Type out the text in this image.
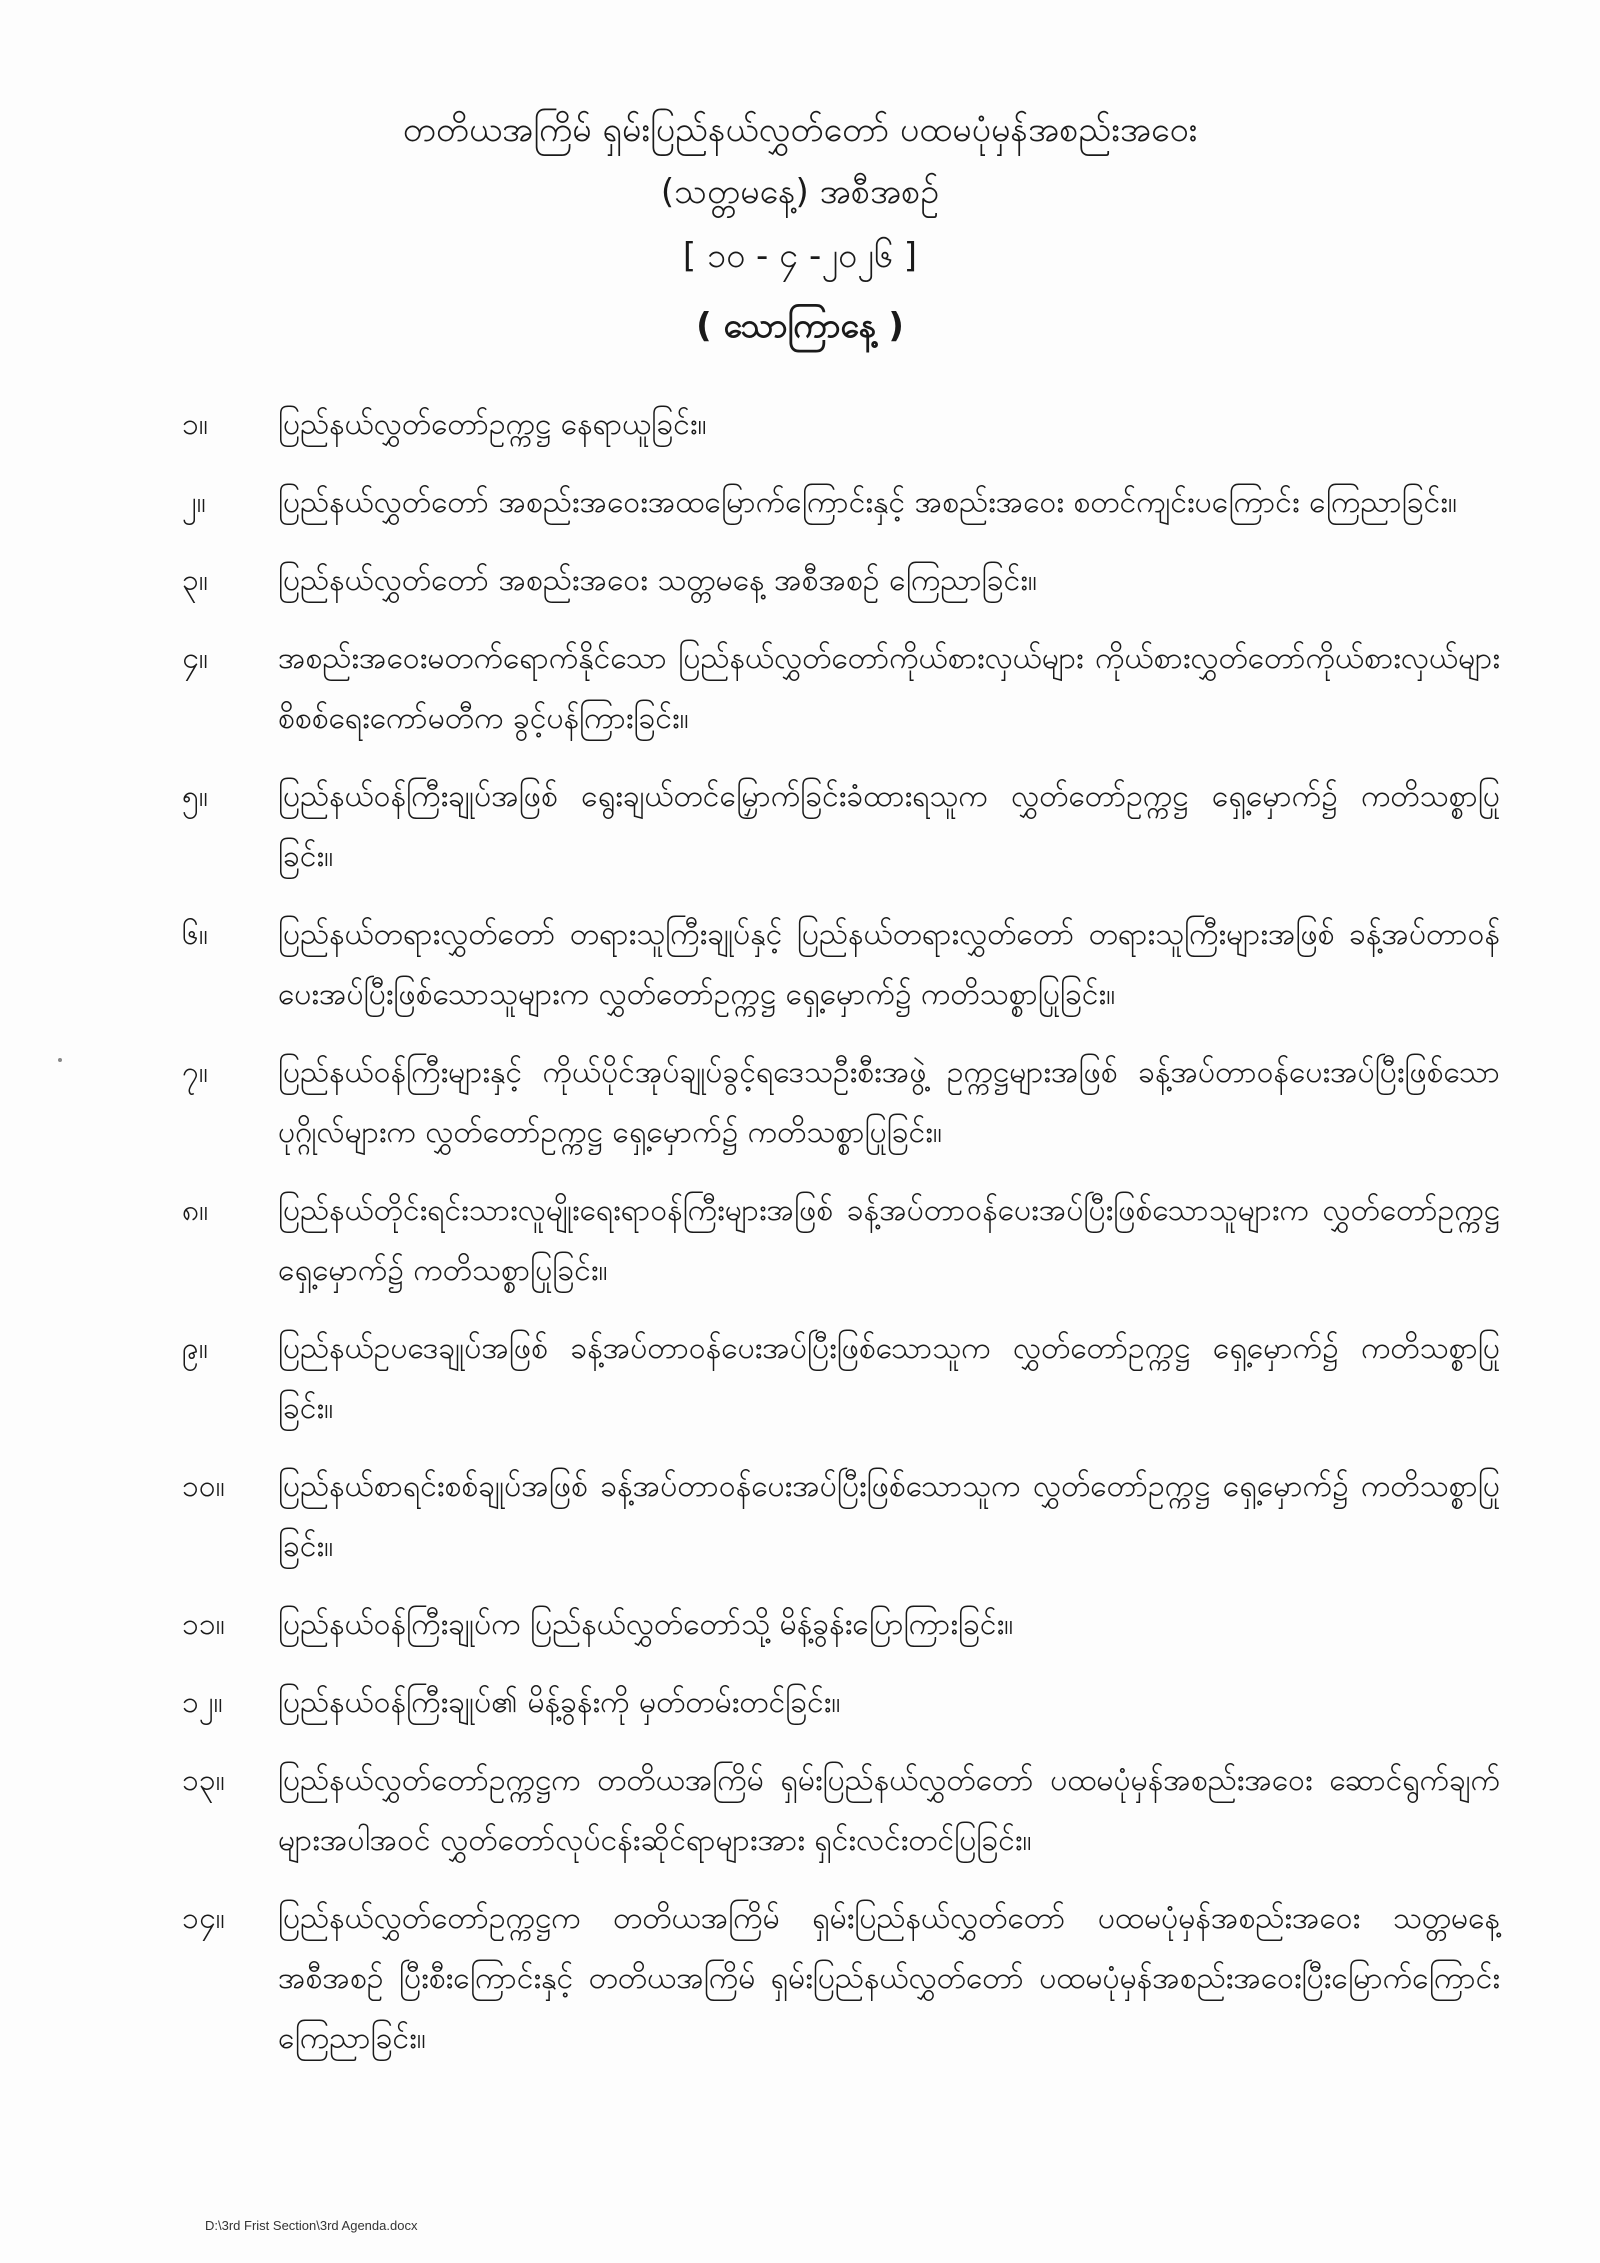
တတိယအကြိမ် ရှမ်းပြည်နယ်လွှတ်တော် ပထမပုံမှန်အစည်းအဝေး
(သတ္တမနေ့) အစီအစဉ်
[ ၁၀ - ၄ -၂၀၂၆ ]
( သောကြာနေ့ )
၁။	ပြည်နယ်လွှတ်တော်ဥက္ကဋ္ဌ နေရာယူခြင်း။
၂။	ပြည်နယ်လွှတ်တော် အစည်းအဝေးအထမြောက်ကြောင်းနှင့် အစည်းအဝေး စတင်ကျင်းပကြောင်း ကြေညာခြင်း။
၃။	ပြည်နယ်လွှတ်တော် အစည်းအဝေး သတ္တမနေ့ အစီအစဉ် ကြေညာခြင်း။
၄။	အစည်းအဝေးမတက်ရောက်နိုင်သော ပြည်နယ်လွှတ်တော်ကိုယ်စားလှယ်များ ကိုယ်စားလွှတ်တော်ကိုယ်စားလှယ်များစိစစ်ရေးကော်မတီက ခွင့်ပန်ကြားခြင်း။
၅။	ပြည်နယ်ဝန်ကြီးချုပ်အဖြစ် ရွေးချယ်တင်မြှောက်ခြင်းခံထားရသူက လွှတ်တော်ဥက္ကဋ္ဌ ရှေ့မှောက်၌ ကတိသစ္စာပြုခြင်း။
၆။	ပြည်နယ်တရားလွှတ်တော် တရားသူကြီးချုပ်နှင့် ပြည်နယ်တရားလွှတ်တော် တရားသူကြီးများအဖြစ် ခန့်အပ်တာဝန်ပေးအပ်ပြီးဖြစ်သောသူများက လွှတ်တော်ဥက္ကဋ္ဌ ရှေ့မှောက်၌ ကတိသစ္စာပြုခြင်း။
၇။	ပြည်နယ်ဝန်ကြီးများနှင့် ကိုယ်ပိုင်အုပ်ချုပ်ခွင့်ရဒေသဦးစီးအဖွဲ့ ဥက္ကဋ္ဌများအဖြစ် ခန့်အပ်တာဝန်ပေးအပ်ပြီးဖြစ်သော ပုဂ္ဂိုလ်များက လွှတ်တော်ဥက္ကဋ္ဌ ရှေ့မှောက်၌ ကတိသစ္စာပြုခြင်း။
၈။	ပြည်နယ်တိုင်းရင်းသားလူမျိုးရေးရာဝန်ကြီးများအဖြစ် ခန့်အပ်တာဝန်ပေးအပ်ပြီးဖြစ်သောသူများက လွှတ်တော်ဥက္ကဋ္ဌ ရှေ့မှောက်၌ ကတိသစ္စာပြုခြင်း။
၉။	ပြည်နယ်ဥပဒေချုပ်အဖြစ် ခန့်အပ်တာဝန်ပေးအပ်ပြီးဖြစ်သောသူက လွှတ်တော်ဥက္ကဋ္ဌ ရှေ့မှောက်၌ ကတိသစ္စာပြုခြင်း။
၁၀။	ပြည်နယ်စာရင်းစစ်ချုပ်အဖြစ် ခန့်အပ်တာဝန်ပေးအပ်ပြီးဖြစ်သောသူက လွှတ်တော်ဥက္ကဋ္ဌ ရှေ့မှောက်၌ ကတိသစ္စာပြုခြင်း။
၁၁။	ပြည်နယ်ဝန်ကြီးချုပ်က ပြည်နယ်လွှတ်တော်သို့ မိန့်ခွန်းပြောကြားခြင်း။
၁၂။	ပြည်နယ်ဝန်ကြီးချုပ်၏ မိန့်ခွန်းကို မှတ်တမ်းတင်ခြင်း။
၁၃။	ပြည်နယ်လွှတ်တော်ဥက္ကဋ္ဌက တတိယအကြိမ် ရှမ်းပြည်နယ်လွှတ်တော် ပထမပုံမှန်အစည်းအဝေး ဆောင်ရွက်ချက်များအပါအဝင် လွှတ်တော်လုပ်ငန်းဆိုင်ရာများအား ရှင်းလင်းတင်ပြခြင်း။
၁၄။	ပြည်နယ်လွှတ်တော်ဥက္ကဋ္ဌက တတိယအကြိမ် ရှမ်းပြည်နယ်လွှတ်တော် ပထမပုံမှန်အစည်းအဝေး သတ္တမနေ့ အစီအစဉ် ပြီးစီးကြောင်းနှင့် တတိယအကြိမ် ရှမ်းပြည်နယ်လွှတ်တော် ပထမပုံမှန်အစည်းအဝေးပြီးမြောက်ကြောင်း ကြေညာခြင်း။
D:\3rd Frist Section\3rd Agenda.docx
